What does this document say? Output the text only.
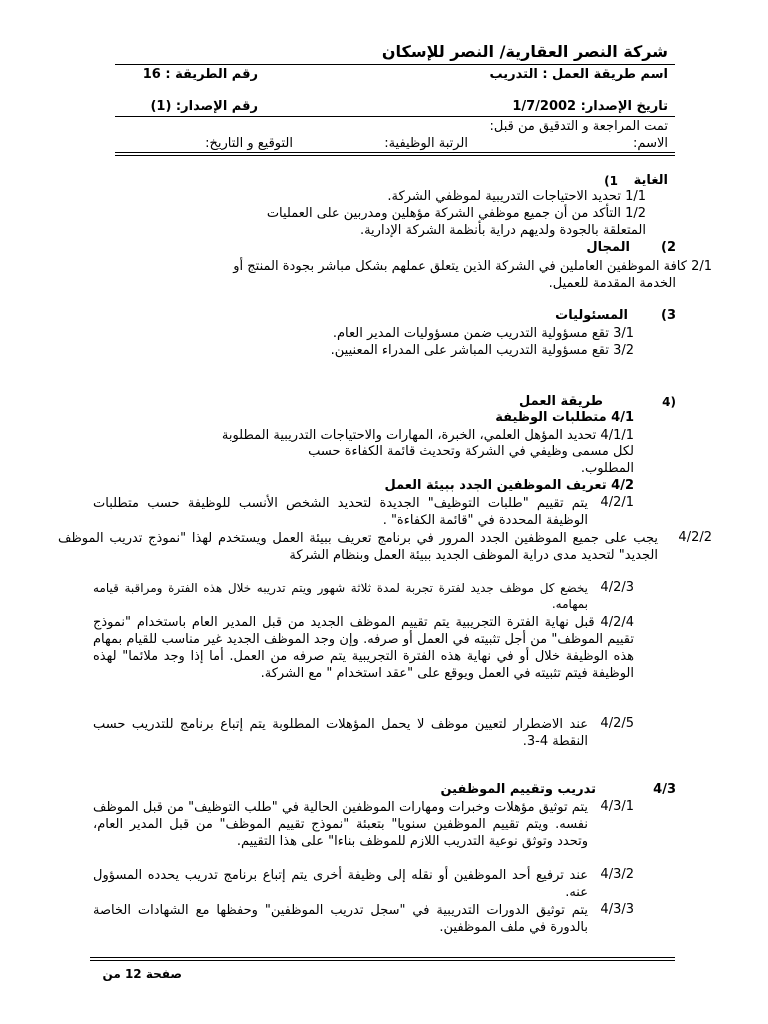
شركة النصر العقارية/ النصر للإسكان
اسم طريقة العمل : التدريب
رقم الطريقة : 16
تاريخ الإصدار: 1/7/2002
رقم الإصدار: (1)
تمت المراجعة و التدقيق من قبل:
الاسم:
الرتبة الوظيفية:
التوقيع و التاريخ:
الغاية
1)
1/1 تحديد الاحتياجات التدريبية لموظفي الشركة.
1/2 التأكد من أن جميع موظفي الشركة مؤهلين ومدربين على العمليات
المتعلقة بالجودة ولديهم دراية بأنظمة الشركة الإدارية.
المجال 2)
2/1 كافة الموظفين العاملين في الشركة الذين يتعلق عملهم بشكل مباشر بجودة المنتج أو
الخدمة المقدمة للعميل.
المسئوليات	3)
3/1 تقع مسؤولية التدريب ضمن مسؤوليات المدير العام.
3/2 تقع مسؤولية التدريب المباشر على المدراء المعنيين.
طريقة العمل	(4
4/1 متطلبات الوظيفة
4/1/1 تحديد المؤهل العلمي، الخبرة، المهارات والاحتياجات التدريبية المطلوبة
لكل مسمى وظيفي في الشركة وتحديث قائمة الكفاءة حسب
المطلوب.
4/2 تعريف الموظفين الجدد ببيئة العمل
4/2/1
يتم تقييم "طلبات التوظيف" الجديدة لتحديد الشخص الأنسب للوظيفة حسب متطلبات الوظيفة المحددة في "قائمة الكفاءة" .
4/2/2
يجب على جميع الموظفين الجدد المرور في برنامج تعريف ببيئة العمل ويستخدم لهذا "نموذج تدريب الموظف الجديد" لتحديد مدى دراية الموظف الجديد ببيئة العمل وبنظام الشركة
4/2/3
يخضع كل موظف جديد لفترة تجربة لمدة ثلاثة شهور ويتم تدريبه خلال هذه الفترة ومراقبة قيامه بمهامه.
4/2/4 قبل نهاية الفترة التجريبية يتم تقييم الموظف الجديد من قبل المدير العام باستخدام "نموذج تقييم الموظف" من أجل تثبيته في العمل أو صرفه. وإن وجد الموظف الجديد غير مناسب للقيام بمهام هذه الوظيفة خلال أو في نهاية هذه الفترة التجريبية يتم صرفه من العمل. أما إذا وجد ملائما" لهذه الوظيفة فيتم تثبيته في العمل ويوقع على "عقد استخدام " مع الشركة.
4/2/5
عند الاضطرار لتعيين موظف لا يحمل المؤهلات المطلوبة يتم إتباع برنامج للتدريب حسب النقطة 4-3.
4/3
تدريب وتقييم الموظفين
4/3/1
يتم توثيق مؤهلات وخبرات ومهارات الموظفين الحالية في "طلب التوظيف" من قبل الموظف نفسه. ويتم تقييم الموظفين سنويا" بتعبئة "نموذج تقييم الموظف" من قبل المدير العام، وتحدد وتوثق نوعية التدريب اللازم للموظف بناءا" على هذا التقييم.
4/3/2
عند ترفيع أحد الموظفين أو نقله إلى وظيفة أخرى يتم إتباع برنامج تدريب يحدده المسؤول عنه.
4/3/3
يتم توثيق الدورات التدريبية في "سجل تدريب الموظفين" وحفظها مع الشهادات الخاصة بالدورة في ملف الموظفين.
صفحة 12 من
